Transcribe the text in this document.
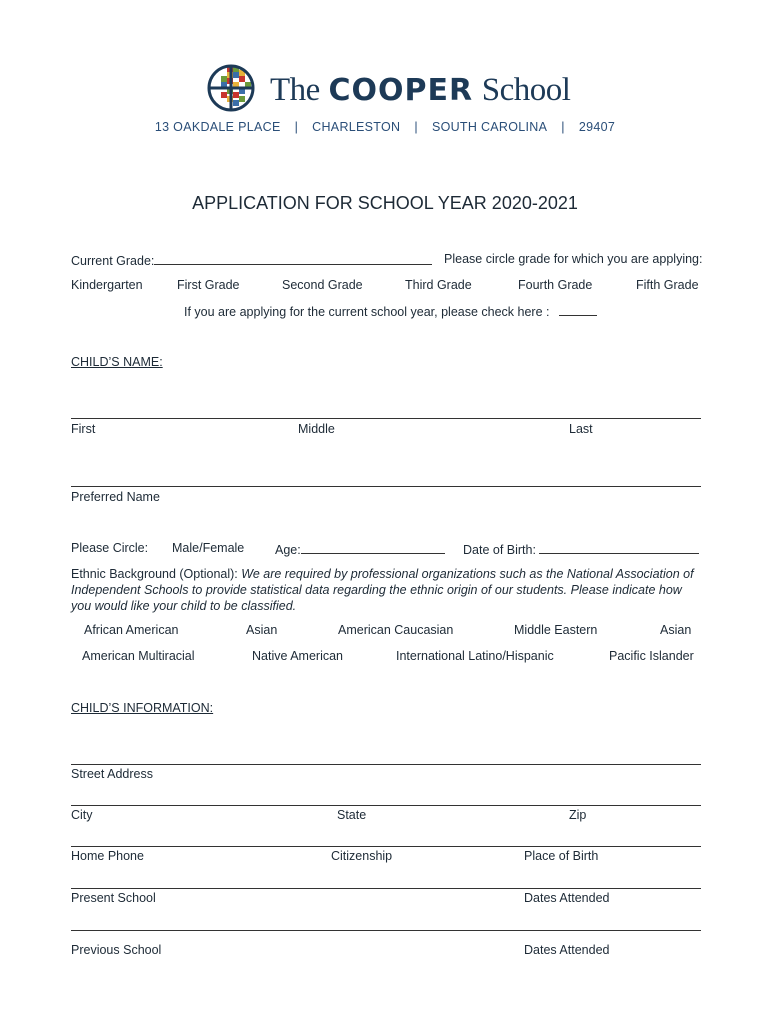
The COOPER School
13 OAKDALE PLACE | CHARLESTON | SOUTH CAROLINA | 29407
APPLICATION FOR SCHOOL YEAR 2020-2021
Current Grade:	Please circle grade for which you are applying:
Kindergarten	First Grade	Second Grade	Third Grade	Fourth Grade	Fifth Grade
If you are applying for the current school year, please check here :
CHILD’S NAME:
First	Middle	Last
Preferred Name
Please Circle: Male/Female Age:	Date of Birth:
Ethnic Background (Optional): We are required by professional organizations such as the National Association of Independent Schools to provide statistical data regarding the ethnic origin of our students. Please indicate how you would like your child to be classified.
African American	Asian	American Caucasian	Middle Eastern	Asian
American Multiracial	Native American	International Latino/Hispanic	Pacific Islander
CHILD’S INFORMATION:
Street Address
City	State	Zip
Home Phone	Citizenship	Place of Birth
Present School	Dates Attended
Previous School	Dates Attended
